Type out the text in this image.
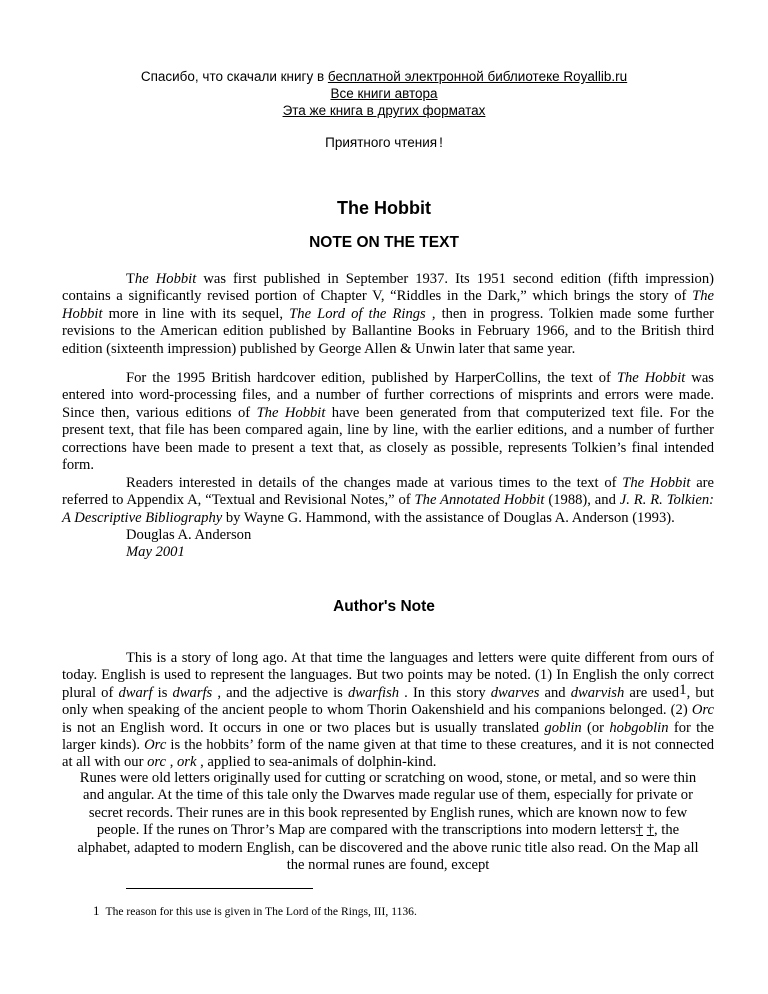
Спасибо, что скачали книгу в бесплатной электронной библиотеке Royallib.ru
Все книги автора
Эта же книга в других форматах
Приятного чтения !
The Hobbit
NOTE ON THE TEXT

The Hobbit was first published in September 1937. Its 1951 second edition (fifth impression) contains a significantly revised portion of Chapter V, “Riddles in the Dark,” which brings the story of The Hobbit more in line with its sequel, The Lord of the Rings , then in progress. Tolkien made some further revisions to the American edition published by Ballantine Books in February 1966, and to the British third edition (sixteenth impression) published by George Allen & Unwin later that same year.

For the 1995 British hardcover edition, published by HarperCollins, the text of The Hobbit was entered into word-processing files, and a number of further corrections of misprints and errors were made. Since then, various editions of The Hobbit have been generated from that computerized text file. For the present text, that file has been compared again, line by line, with the earlier editions, and a number of further corrections have been made to present a text that, as closely as possible, represents Tolkien’s final intended form.

Readers interested in details of the changes made at various times to the text of The Hobbit are referred to Appendix A, “Textual and Revisional Notes,” of The Annotated Hobbit (1988), and J. R. R. Tolkien: A Descriptive Bibliography by Wayne G. Hammond, with the assistance of Douglas A. Anderson (1993).

Douglas A. Anderson
May 2001
Author's Note

This is a story of long ago. At that time the languages and letters were quite different from ours of today. English is used to represent the languages. But two points may be noted. (1) In English the only correct plural of dwarf is dwarfs , and the adjective is dwarfish . In this story dwarves and dwarvish are used1, but only when speaking of the ancient people to whom Thorin Oakenshield and his companions belonged. (2) Orc is not an English word. It occurs in one or two places but is usually translated goblin (or hobgoblin for the larger kinds). Orc is the hobbits’ form of the name given at that time to these creatures, and it is not connected at all with our orc , ork , applied to sea-animals of dolphin-kind.

Runes were old letters originally used for cutting or scratching on wood, stone, or metal, and so were thin and angular. At the time of this tale only the Dwarves made regular use of them, especially for private or secret records. Their runes are in this book represented by English runes, which are known now to few people. If the runes on Thror’s Map are compared with the transcriptions into modern letters† †, the alphabet, adapted to modern English, can be discovered and the above runic title also read. On the Map all the normal runes are found, except

1 The reason for this use is given in The Lord of the Rings, III, 1136.
